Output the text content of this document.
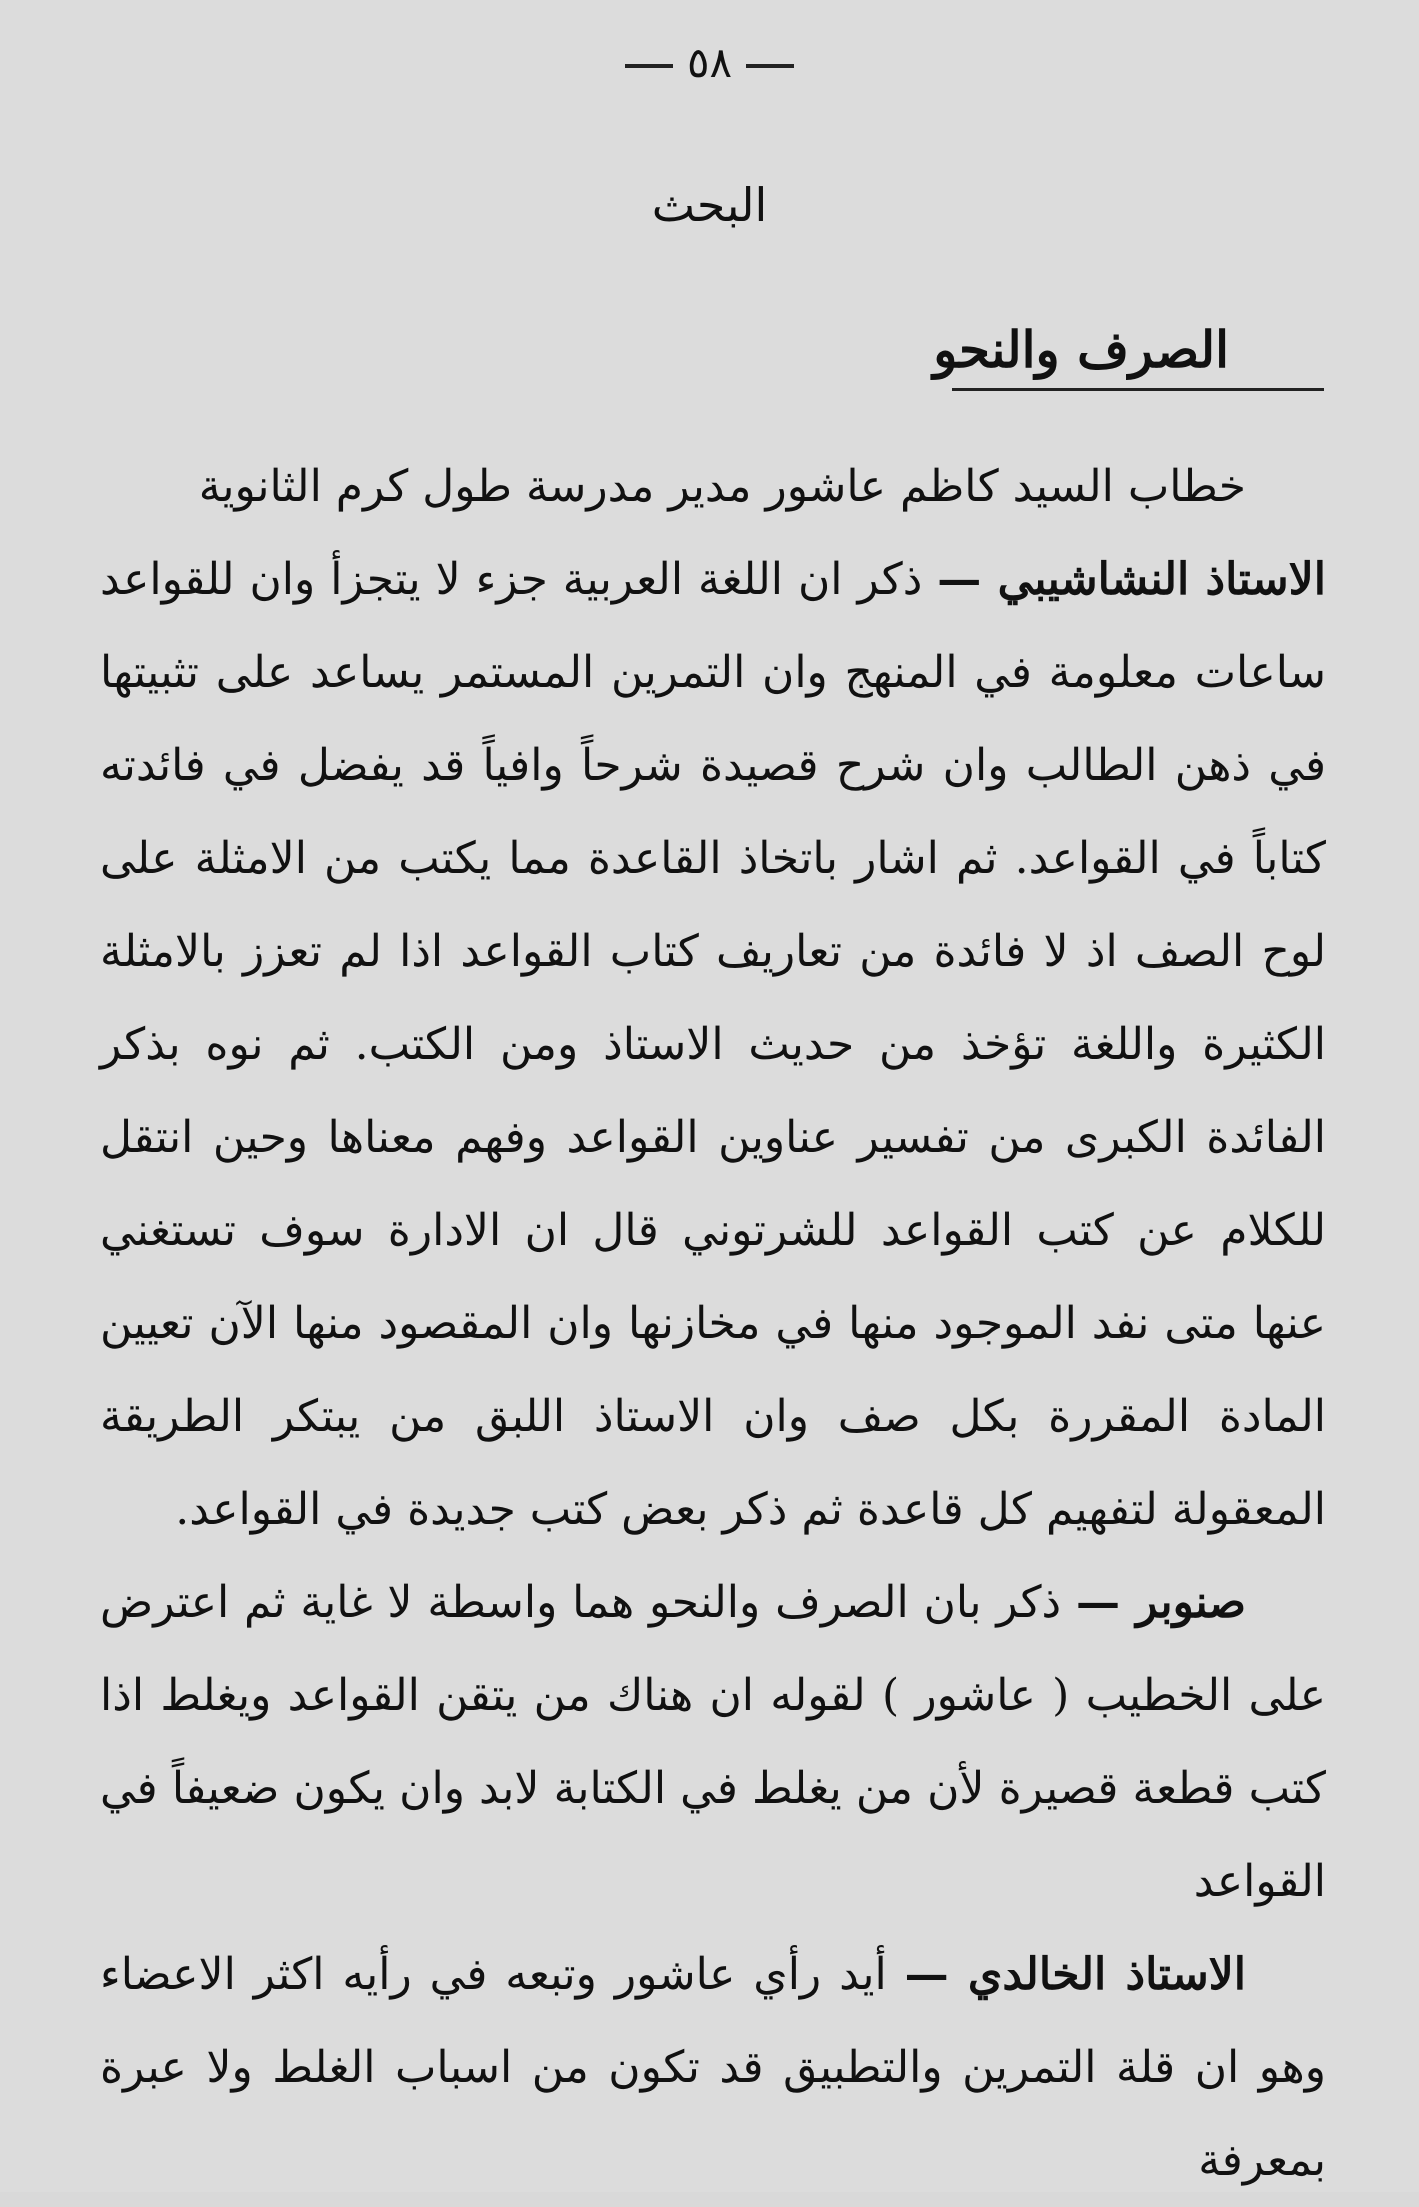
٥٨
البحث
الصرف والنحو

خطاب السيد كاظم عاشور مدير مدرسة طول كرم الثانوية

الاستاذ النشاشيبي — ذكر ان اللغة العربية جزء لا يتجزأ وان للقواعد ساعات معلومة في المنهج وان التمرين المستمر يساعد على تثبيتها في ذهن الطالب وان شرح قصيدة شرحاً وافياً قد يفضل في فائدته كتاباً في القواعد. ثم اشار باتخاذ القاعدة مما يكتب من الامثلة على لوح الصف اذ لا فائدة من تعاريف كتاب القواعد اذا لم تعزز بالامثلة الكثيرة واللغة تؤخذ من حديث الاستاذ ومن الكتب. ثم نوه بذكر الفائدة الكبرى من تفسير عناوين القواعد وفهم معناها وحين انتقل للكلام عن كتب القواعد للشرتوني قال ان الادارة سوف تستغني عنها متى نفد الموجود منها في مخازنها وان المقصود منها الآن تعيين المادة المقررة بكل صف وان الاستاذ اللبق من يبتكر الطريقة المعقولة لتفهيم كل قاعدة ثم ذكر بعض كتب جديدة في القواعد.

صنوبر — ذكر بان الصرف والنحو هما واسطة لا غاية ثم اعترض على الخطيب ( عاشور ) لقوله ان هناك من يتقن القواعد ويغلط اذا كتب قطعة قصيرة لأن من يغلط في الكتابة لابد وان يكون ضعيفاً في القواعد

الاستاذ الخالدي — أيد رأي عاشور وتبعه في رأيه اكثر الاعضاء وهو ان قلة التمرين والتطبيق قد تكون من اسباب الغلط ولا عبرة بمعرفة
